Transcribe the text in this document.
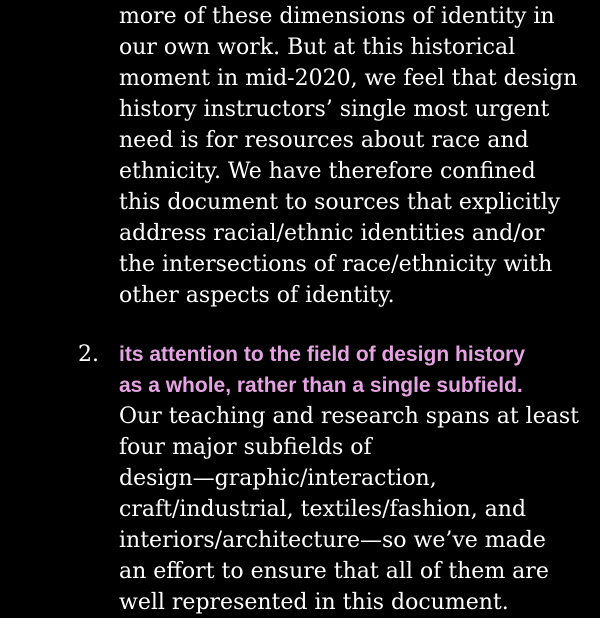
more of these dimensions of identity in
our own work. But at this historical
moment in mid-2020, we feel that design
history instructors’ single most urgent
need is for resources about race and
ethnicity. We have therefore confined
this document to sources that explicitly
address racial/ethnic identities and/or
the intersections of race/ethnicity with
other aspects of identity.
2. its attention to the field of design history
as a whole, rather than a single subfield.
Our teaching and research spans at least
four major subfields of
design—graphic/interaction,
craft/industrial, textiles/fashion, and
interiors/architecture—so we’ve made
an effort to ensure that all of them are
well represented in this document.
